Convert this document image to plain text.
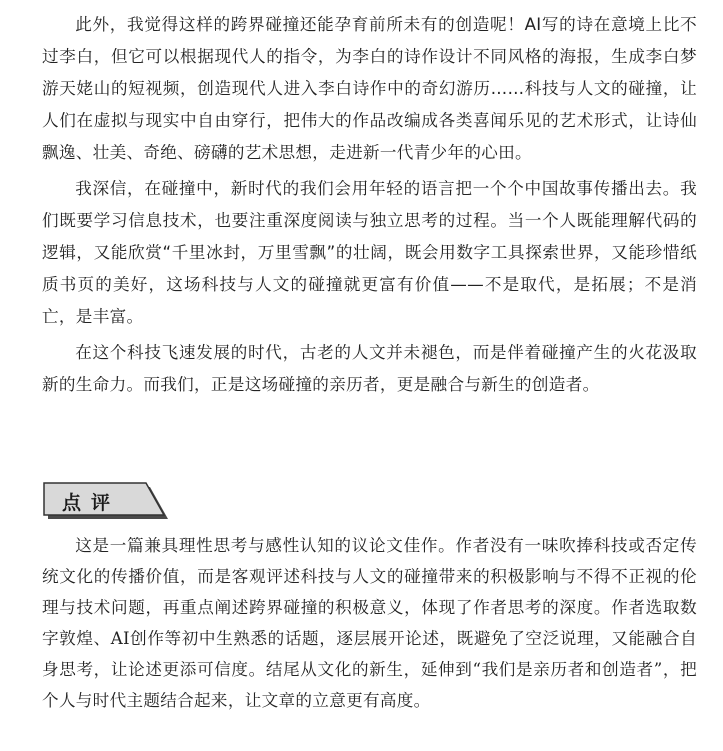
此外，我觉得这样的跨界碰撞还能孕育前所未有的创造呢！AI写的诗在意境上比不过李白，但它可以根据现代人的指令，为李白的诗作设计不同风格的海报，生成李白梦游天姥山的短视频，创造现代人进入李白诗作中的奇幻游历……科技与人文的碰撞，让人们在虚拟与现实中自由穿行，把伟大的作品改编成各类喜闻乐见的艺术形式，让诗仙飘逸、壮美、奇绝、磅礴的艺术思想，走进新一代青少年的心田。

我深信，在碰撞中，新时代的我们会用年轻的语言把一个个中国故事传播出去。我们既要学习信息技术，也要注重深度阅读与独立思考的过程。当一个人既能理解代码的逻辑，又能欣赏“千里冰封，万里雪飘”的壮阔，既会用数字工具探索世界，又能珍惜纸质书页的美好，这场科技与人文的碰撞就更富有价值——不是取代，是拓展；不是消亡，是丰富。

在这个科技飞速发展的时代，古老的人文并未褪色，而是伴着碰撞产生的火花汲取新的生命力。而我们，正是这场碰撞的亲历者，更是融合与新生的创造者。

点评

这是一篇兼具理性思考与感性认知的议论文佳作。作者没有一味吹捧科技或否定传统文化的传播价值，而是客观评述科技与人文的碰撞带来的积极影响与不得不正视的伦理与技术问题，再重点阐述跨界碰撞的积极意义，体现了作者思考的深度。作者选取数字敦煌、AI创作等初中生熟悉的话题，逐层展开论述，既避免了空泛说理，又能融合自身思考，让论述更添可信度。结尾从文化的新生，延伸到“我们是亲历者和创造者”，把个人与时代主题结合起来，让文章的立意更有高度。
